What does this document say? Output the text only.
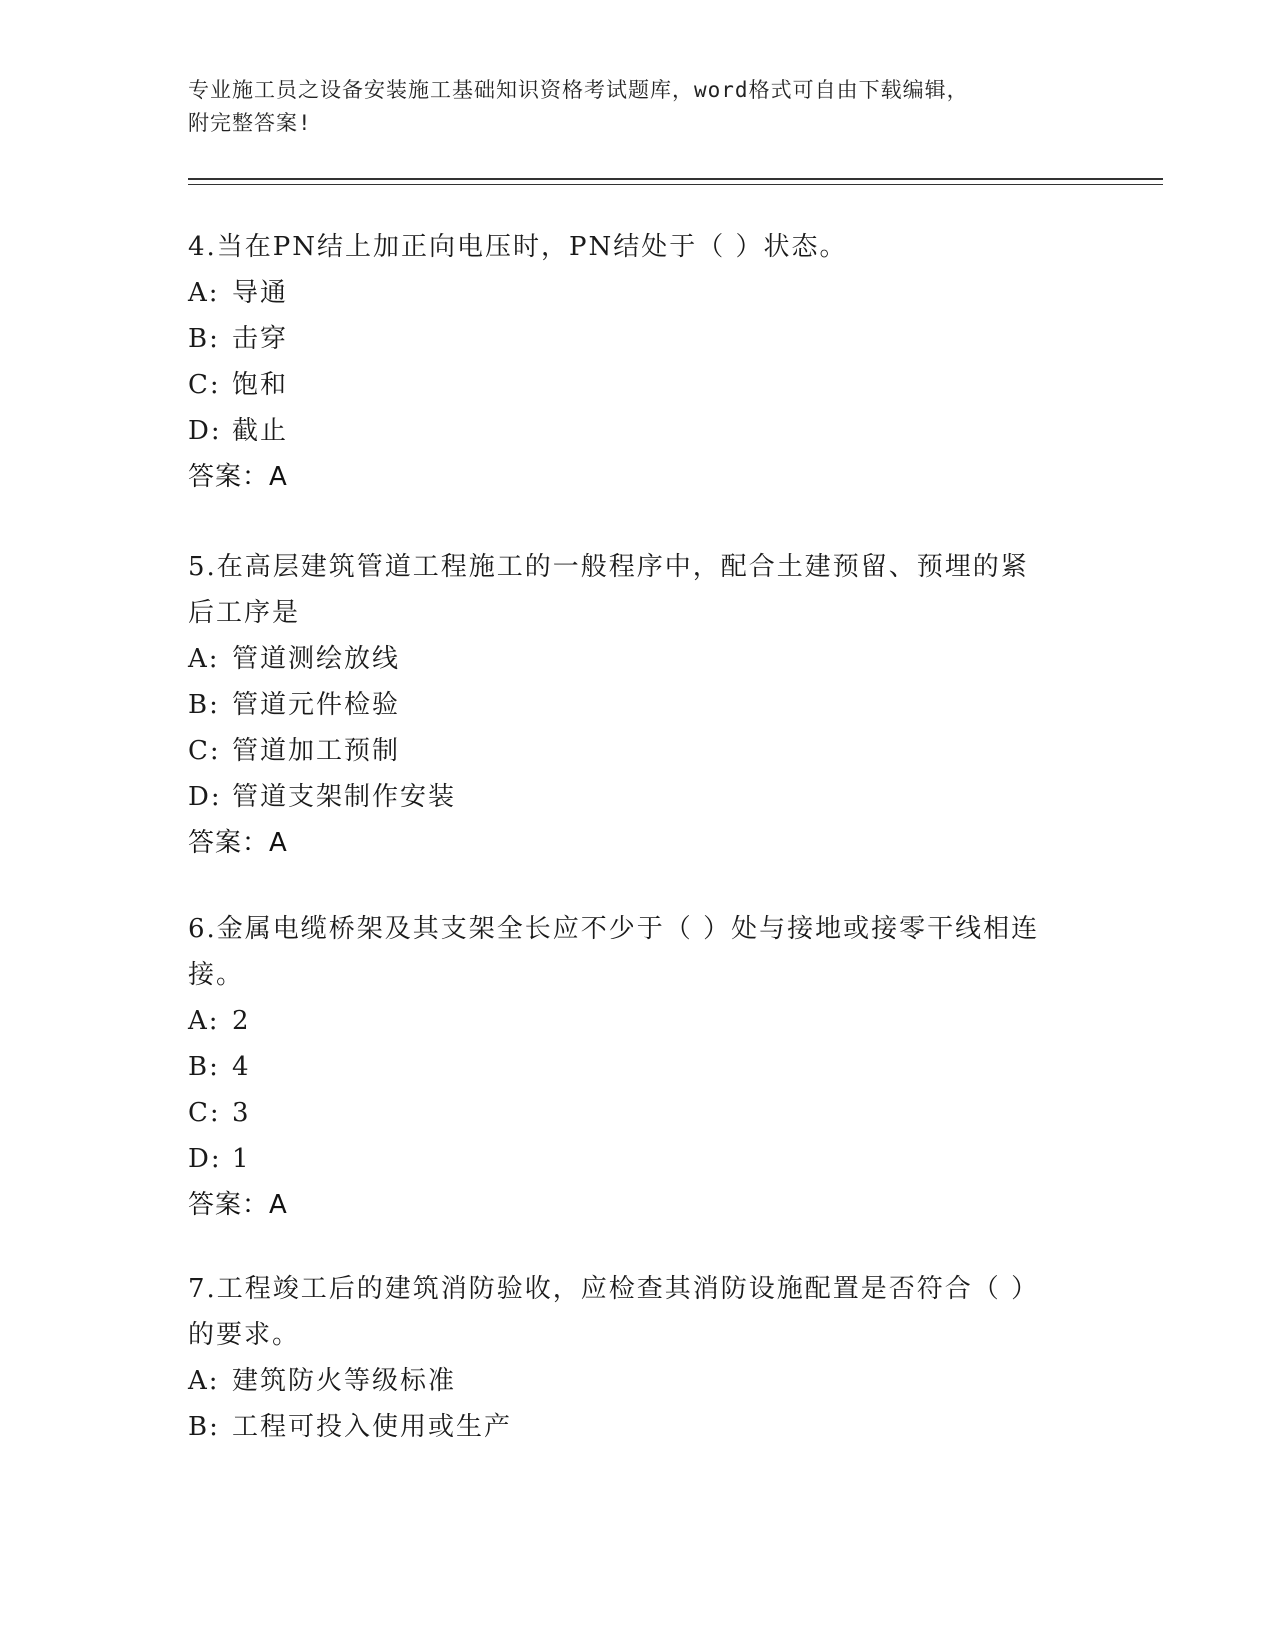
专业施工员之设备安装施工基础知识资格考试题库，word格式可自由下载编辑，
附完整答案!
4.当在PN结上加正向电压时，PN结处于（ ）状态。
A: 导通
B: 击穿
C: 饱和
D: 截止
答案：A
5.在高层建筑管道工程施工的一般程序中，配合土建预留、预埋的紧
后工序是
A: 管道测绘放线
B: 管道元件检验
C: 管道加工预制
D: 管道支架制作安装
答案：A
6.金属电缆桥架及其支架全长应不少于（ ）处与接地或接零干线相连
接。
A: 2
B: 4
C: 3
D: 1
答案：A
7.工程竣工后的建筑消防验收，应检查其消防设施配置是否符合（ ）
的要求。
A: 建筑防火等级标准
B: 工程可投入使用或生产
